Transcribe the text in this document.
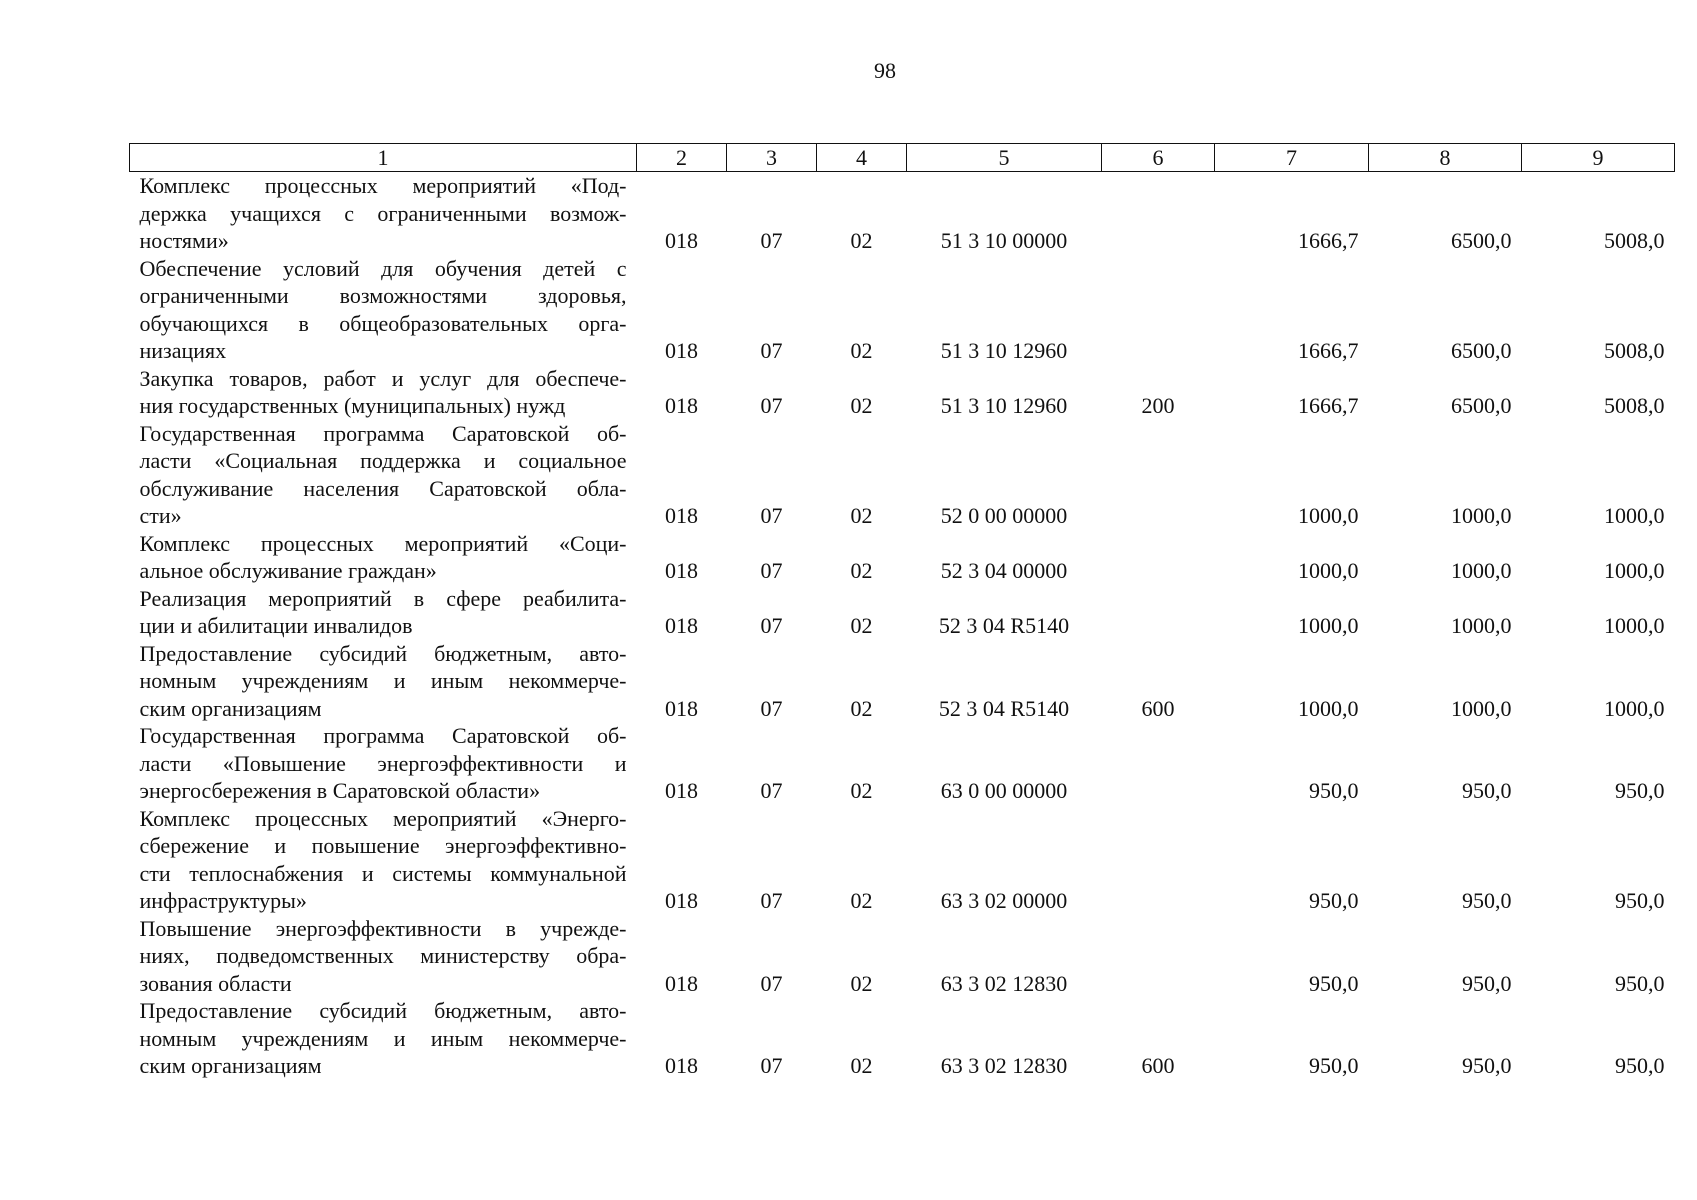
98
1	2	3	4	5	6	7	8	9

Комплекс процессных мероприятий «Под-
держка учащихся с ограниченными возмож-
ностями»	018	07	02	51 3 10 00000		1666,7	6500,0	5008,0

Обеспечение условий для обучения детей с
ограниченными возможностями здоровья,
обучающихся в общеобразовательных орга-
низациях	018	07	02	51 3 10 12960		1666,7	6500,0	5008,0

Закупка товаров, работ и услуг для обеспече-
ния государственных (муниципальных) нужд	018	07	02	51 3 10 12960	200	1666,7	6500,0	5008,0

Государственная программа Саратовской об-
ласти «Социальная поддержка и социальное
обслуживание населения Саратовской обла-
сти»	018	07	02	52 0 00 00000		1000,0	1000,0	1000,0

Комплекс процессных мероприятий «Соци-
альное обслуживание граждан»	018	07	02	52 3 04 00000		1000,0	1000,0	1000,0

Реализация мероприятий в сфере реабилита-
ции и абилитации инвалидов	018	07	02	52 3 04 R5140		1000,0	1000,0	1000,0

Предоставление субсидий бюджетным, авто-
номным учреждениям и иным некоммерче-
ским организациям	018	07	02	52 3 04 R5140	600	1000,0	1000,0	1000,0

Государственная программа Саратовской об-
ласти «Повышение энергоэффективности и
энергосбережения в Саратовской области»	018	07	02	63 0 00 00000		950,0	950,0	950,0

Комплекс процессных мероприятий «Энерго-
сбережение и повышение энергоэффективно-
сти теплоснабжения и системы коммунальной
инфраструктуры»	018	07	02	63 3 02 00000		950,0	950,0	950,0

Повышение энергоэффективности в учрежде-
ниях, подведомственных министерству обра-
зования области	018	07	02	63 3 02 12830		950,0	950,0	950,0

Предоставление субсидий бюджетным, авто-
номным учреждениям и иным некоммерче-
ским организациям	018	07	02	63 3 02 12830	600	950,0	950,0	950,0
